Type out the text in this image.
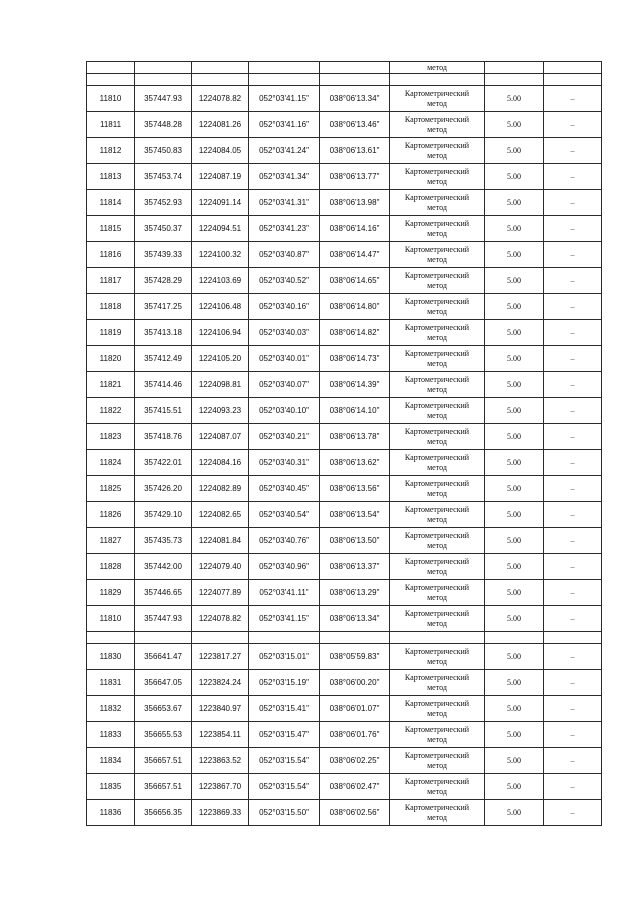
					метод		

11810	357447.93	1224078.82	052°03'41.15"	038°06'13.34"	Картометрический
метод	5.00	–
11811	357448.28	1224081.26	052°03'41.16"	038°06'13.46"	Картометрический
метод	5.00	–
11812	357450.83	1224084.05	052°03'41.24"	038°06'13.61"	Картометрический
метод	5.00	–
11813	357453.74	1224087.19	052°03'41.34"	038°06'13.77"	Картометрический
метод	5.00	–
11814	357452.93	1224091.14	052°03'41.31"	038°06'13.98"	Картометрический
метод	5.00	–
11815	357450.37	1224094.51	052°03'41.23"	038°06'14.16"	Картометрический
метод	5.00	–
11816	357439.33	1224100.32	052°03'40.87"	038°06'14.47"	Картометрический
метод	5.00	–
11817	357428.29	1224103.69	052°03'40.52"	038°06'14.65"	Картометрический
метод	5.00	–
11818	357417.25	1224106.48	052°03'40.16"	038°06'14.80"	Картометрический
метод	5.00	–
11819	357413.18	1224106.94	052°03'40.03"	038°06'14.82"	Картометрический
метод	5.00	–
11820	357412.49	1224105.20	052°03'40.01"	038°06'14.73"	Картометрический
метод	5.00	–
11821	357414.46	1224098.81	052°03'40.07"	038°06'14.39"	Картометрический
метод	5.00	–
11822	357415.51	1224093.23	052°03'40.10"	038°06'14.10"	Картометрический
метод	5.00	–
11823	357418.76	1224087.07	052°03'40.21"	038°06'13.78"	Картометрический
метод	5.00	–
11824	357422.01	1224084.16	052°03'40.31"	038°06'13.62"	Картометрический
метод	5.00	–
11825	357426.20	1224082.89	052°03'40.45"	038°06'13.56"	Картометрический
метод	5.00	–
11826	357429.10	1224082.65	052°03'40.54"	038°06'13.54"	Картометрический
метод	5.00	–
11827	357435.73	1224081.84	052°03'40.76"	038°06'13.50"	Картометрический
метод	5.00	–
11828	357442.00	1224079.40	052°03'40.96"	038°06'13.37"	Картометрический
метод	5.00	–
11829	357446.65	1224077.89	052°03'41.11"	038°06'13.29"	Картометрический
метод	5.00	–
11810	357447.93	1224078.82	052°03'41.15"	038°06'13.34"	Картометрический
метод	5.00	–

11830	356641.47	1223817.27	052°03'15.01"	038°05'59.83"	Картометрический
метод	5.00	–
11831	356647.05	1223824.24	052°03'15.19"	038°06'00.20"	Картометрический
метод	5.00	–
11832	356653.67	1223840.97	052°03'15.41"	038°06'01.07"	Картометрический
метод	5.00	–
11833	356655.53	1223854.11	052°03'15.47"	038°06'01.76"	Картометрический
метод	5.00	–
11834	356657.51	1223863.52	052°03'15.54"	038°06'02.25"	Картометрический
метод	5.00	–
11835	356657.51	1223867.70	052°03'15.54"	038°06'02.47"	Картометрический
метод	5.00	–
11836	356656.35	1223869.33	052°03'15.50"	038°06'02.56"	Картометрический
метод	5.00	–
